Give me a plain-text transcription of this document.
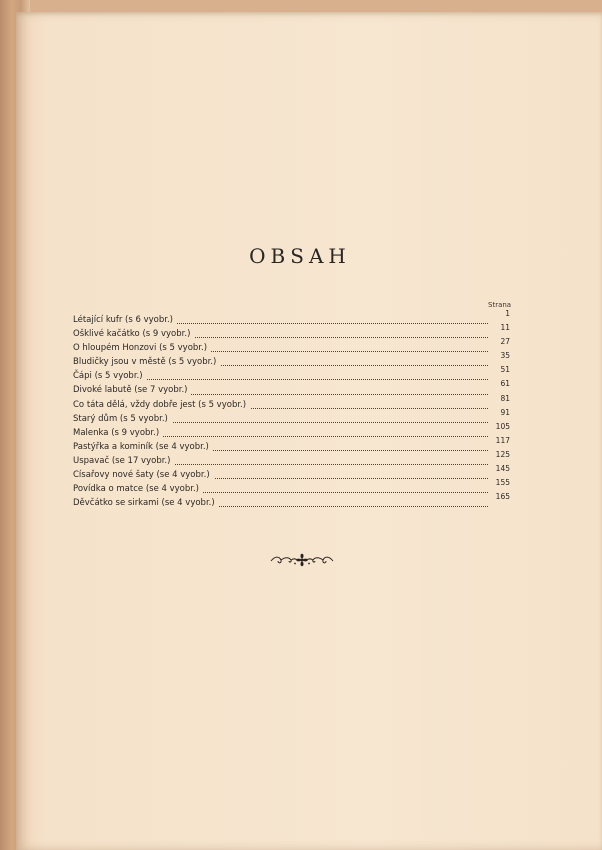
OBSAH
Strana
Létající kufr (s 6 vyobr.)
1
Ošklivé kačátko (s 9 vyobr.)
11
O hloupém Honzovi (s 5 vyobr.)
27
Bludičky jsou v městě (s 5 vyobr.)
35
Čápi (s 5 vyobr.)
51
Divoké labutě (se 7 vyobr.)
61
Co táta dělá, vždy dobře jest (s 5 vyobr.)
81
Starý dům (s 5 vyobr.)
91
Malenka (s 9 vyobr.)
105
Pastýřka a kominík (se 4 vyobr.)
117
Uspavač (se 17 vyobr.)
125
Císařovy nové šaty (se 4 vyobr.)
145
Povídka o matce (se 4 vyobr.)
155
Děvčátko se sirkami (se 4 vyobr.)
165
